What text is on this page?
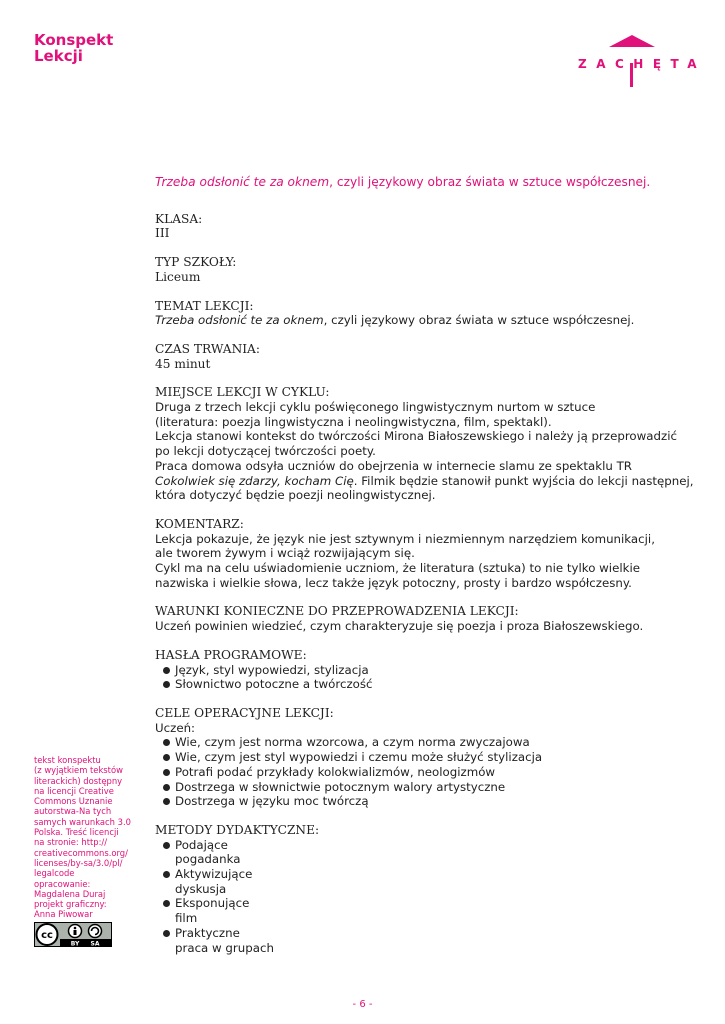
Konspekt
Lekcji	ZACHĘTA
Trzeba odsłonić te za oknem, czyli językowy obraz świata w sztuce współczesnej.
KLASA:
III
TYP SZKOŁY:
Liceum
TEMAT LEKCJI:
Trzeba odsłonić te za oknem, czyli językowy obraz świata w sztuce współczesnej.
CZAS TRWANIA:
45 minut
MIEJSCE LEKCJI W CYKLU:
Druga z trzech lekcji cyklu poświęconego lingwistycznym nurtom w sztuce
(literatura: poezja lingwistyczna i neolingwistyczna, film, spektakl).
Lekcja stanowi kontekst do twórczości Mirona Białoszewskiego i należy ją przeprowadzić
po lekcji dotyczącej twórczości poety.
Praca domowa odsyła uczniów do obejrzenia w internecie slamu ze spektaklu TR
Cokolwiek się zdarzy, kocham Cię. Filmik będzie stanowił punkt wyjścia do lekcji następnej,
która dotyczyć będzie poezji neolingwistycznej.
KOMENTARZ:
Lekcja pokazuje, że język nie jest sztywnym i niezmiennym narzędziem komunikacji,
ale tworem żywym i wciąż rozwijającym się.
Cykl ma na celu uświadomienie uczniom, że literatura (sztuka) to nie tylko wielkie
nazwiska i wielkie słowa, lecz także język potoczny, prosty i bardzo współczesny.
WARUNKI KONIECZNE DO PRZEPROWADZENIA LEKCJI:
Uczeń powinien wiedzieć, czym charakteryzuje się poezja i proza Białoszewskiego.
HASŁA PROGRAMOWE:
Język, styl wypowiedzi, stylizacja
Słownictwo potoczne a twórczość
CELE OPERACYJNE LEKCJI:
Uczeń:
Wie, czym jest norma wzorcowa, a czym norma zwyczajowa
Wie, czym jest styl wypowiedzi i czemu może służyć stylizacja
Potrafi podać przykłady kolokwializmów, neologizmów
Dostrzega w słownictwie potocznym walory artystyczne
Dostrzega w języku moc twórczą
METODY DYDAKTYCZNE:
Podające
pogadanka
Aktywizujące
dyskusja
Eksponujące
film
Praktyczne
praca w grupach
tekst konspektu
(z wyjątkiem tekstów
literackich) dostępny
na licencji Creative
Commons Uznanie
autorstwa-Na tych
samych warunkach 3.0
Polska. Treść licencji
na stronie: http://
creativecommons.org/
licenses/by-sa/3.0/pl/
legalcode
opracowanie:
Magdalena Duraj
projekt graficzny:
Anna Piwowar
cc
BY SA
- 6 -
